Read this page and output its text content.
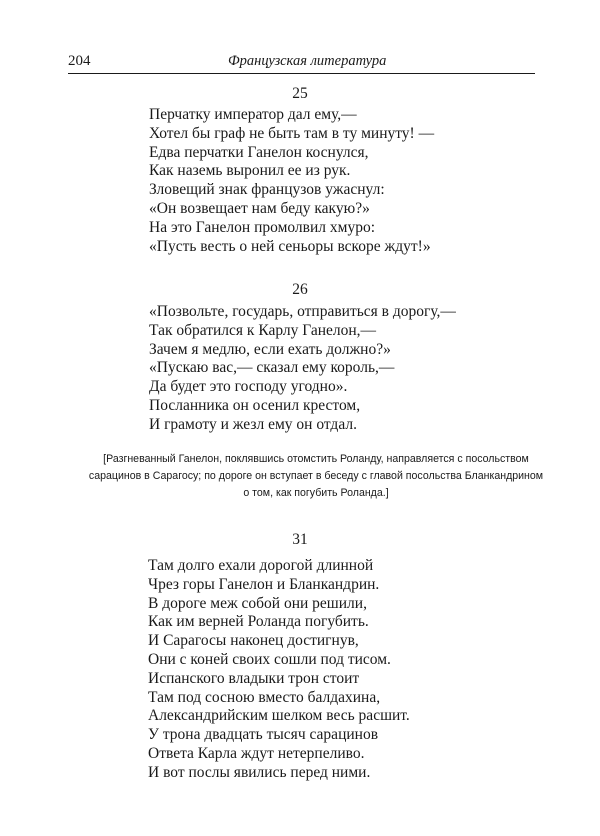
204	Французская литература
25
Перчатку император дал ему,—
Хотел бы граф не быть там в ту минуту! —
Едва перчатки Ганелон коснулся,
Как наземь выронил ее из рук.
Зловещий знак французов ужаснул:
«Он возвещает нам беду какую?»
На это Ганелон промолвил хмуро:
«Пусть весть о ней сеньоры вскоре ждут!»
26
«Позвольте, государь, отправиться в дорогу,—
Так обратился к Карлу Ганелон,—
Зачем я медлю, если ехать должно?»
«Пускаю вас,— сказал ему король,—
Да будет это господу угодно».
Посланника он осенил крестом,
И грамоту и жезл ему он отдал.
[Разгневанный Ганелон, поклявшись отомстить Роланду, направляется с посольством
сарацинов в Сарагосу; по дороге он вступает в беседу с главой посольства Бланкандрином
о том, как погубить Роланда.]
31
Там долго ехали дорогой длинной
Чрез горы Ганелон и Бланкандрин.
В дороге меж собой они решили,
Как им верней Роланда погубить.
И Сарагосы наконец достигнув,
Они с коней своих сошли под тисом.
Испанского владыки трон стоит
Там под сосною вместо балдахина,
Александрийским шелком весь расшит.
У трона двадцать тысяч сарацинов
Ответа Карла ждут нетерпеливо.
И вот послы явились перед ними.
